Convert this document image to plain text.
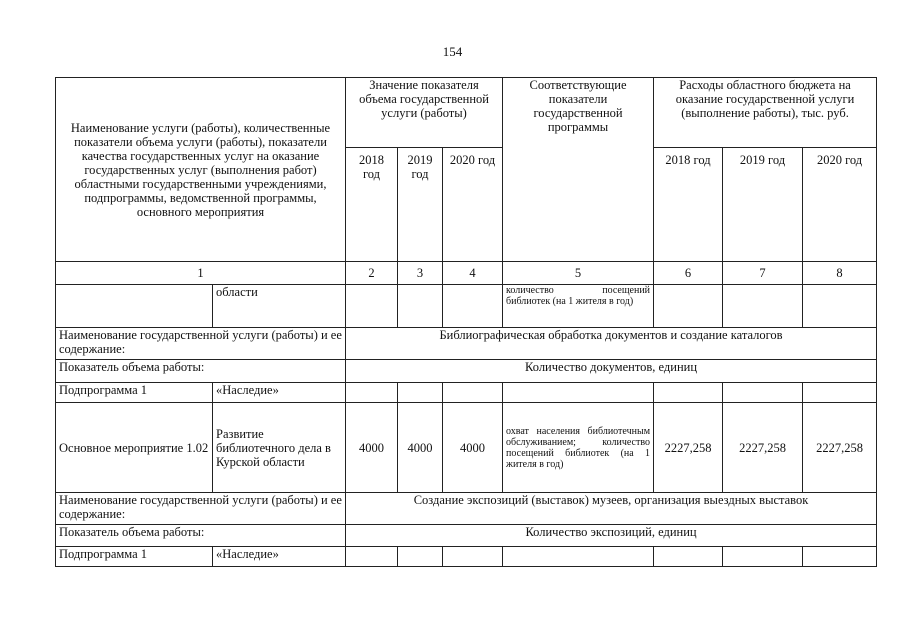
154
Наименование услуги (работы), количественные показатели объема услуги (работы), показатели качества государственных услуг на оказание государственных услуг (выполнения работ) областными государственными учреждениями, подпрограммы, ведомственной программы, основного мероприятия		Значение показателя объема государственной услуги (работы)			Соответствующие показатели государственной программы	Расходы областного бюджета на оказание государственной услуги (выполнение работы), тыс. руб.		
		2018 год	2019 год	2020 год		2018 год	2019 год	2020 год
1		2	3	4	5	6	7	8
	области				количество посещений библиотек (на 1 жителя в год)			
Наименование государственной услуги (работы) и ее содержание:		Библиографическая обработка документов и создание каталогов						
Показатель объема работы:		Количество документов, единиц						
Подпрограмма 1	«Наследие»							
Основное мероприятие 1.02	Развитие библиотечного дела в Курской области	4000	4000	4000	охват населения библиотечным обслуживанием; количество посещений библиотек (на 1 жителя в год)	2227,258	2227,258	2227,258
Наименование государственной услуги (работы) и ее содержание:		Создание экспозиций (выставок) музеев, организация выездных выставок						
Показатель объема работы:		Количество экспозиций, единиц						
Подпрограмма 1	«Наследие»							
